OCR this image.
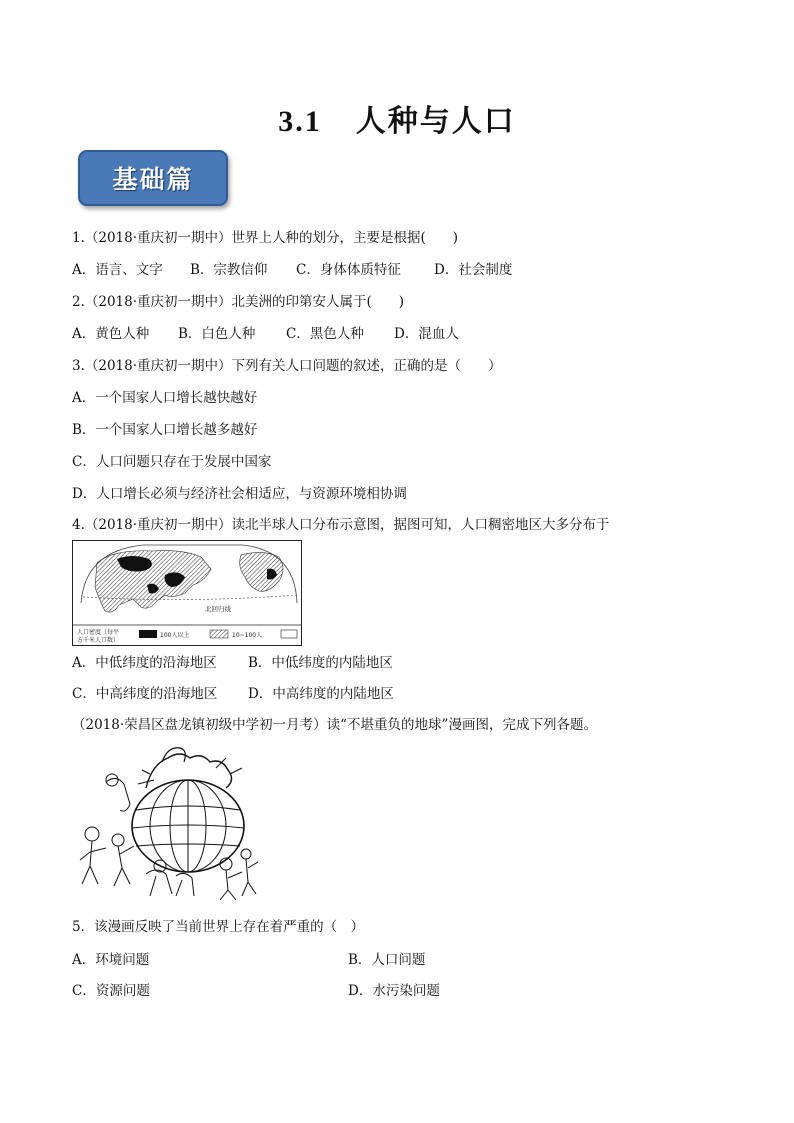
3.1 人种与人口
基础篇
1.（2018·重庆初一期中）世界上人种的划分，主要是根据(　　)
A．语言、文字 B．宗教信仰 C．身体体质特征 D．社会制度
2.（2018·重庆初一期中）北美洲的印第安人属于(　　)
A．黄色人种 B．白色人种 C．黑色人种 D．混血人
3.（2018·重庆初一期中）下列有关人口问题的叙述，正确的是（　　）
A．一个国家人口增长越快越好
B．一个国家人口增长越多越好
C．人口问题只存在于发展中国家
D．人口增长必须与经济社会相适应，与资源环境相协调
4.（2018·重庆初一期中）读北半球人口分布示意图，据图可知，人口稠密地区大多分布于
北回归线
人口密度（每平
方千米人口数）
100人以上	10~100人
A．中低纬度的沿海地区 B．中低纬度的内陆地区
C．中高纬度的沿海地区 D．中高纬度的内陆地区
（2018·荣昌区盘龙镇初级中学初一月考）读“不堪重负的地球”漫画图，完成下列各题。
5．该漫画反映了当前世界上存在着严重的（　）
A．环境问题	B．人口问题
C．资源问题	D．水污染问题
